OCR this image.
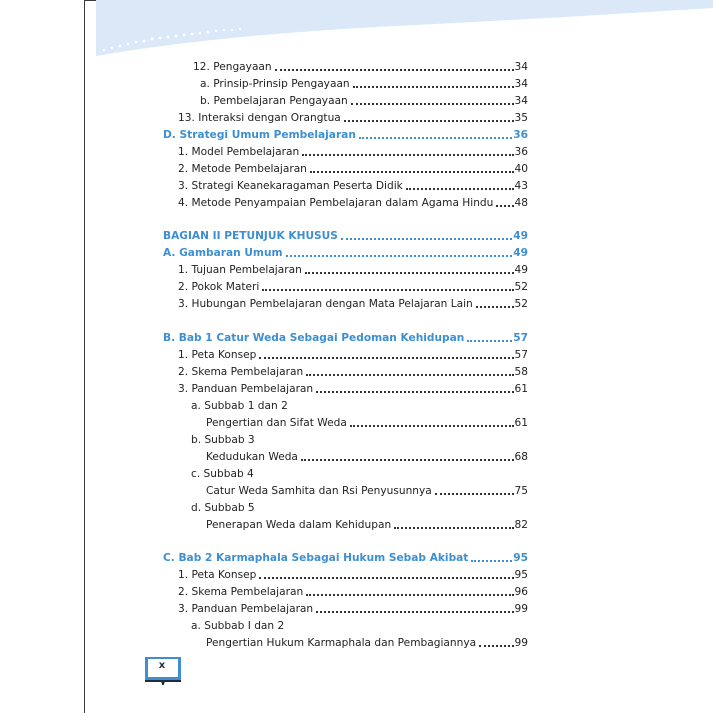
12. Pengayaan	34
a. Prinsip-Prinsip Pengayaan	34
b. Pembelajaran Pengayaan	34
13. Interaksi dengan Orangtua	35
D. Strategi Umum Pembelajaran	36
1. Model Pembelajaran	36
2. Metode Pembelajaran	40
3. Strategi Keanekaragaman Peserta Didik	43
4. Metode Penyampaian Pembelajaran dalam Agama Hindu 48
BAGIAN II PETUNJUK KHUSUS	49
A. Gambaran Umum	49
1. Tujuan Pembelajaran	49
2. Pokok Materi	52
3. Hubungan Pembelajaran dengan Mata Pelajaran Lain	52
B. Bab 1 Catur Weda Sebagai Pedoman Kehidupan	57
1. Peta Konsep	57
2. Skema Pembelajaran	58
3. Panduan Pembelajaran	61
a. Subbab 1 dan 2
Pengertian dan Sifat Weda	61
b. Subbab 3
Kedudukan Weda	68
c. Subbab 4
Catur Weda Samhita dan Rsi Penyusunnya	75
d. Subbab 5
Penerapan Weda dalam Kehidupan	82
C. Bab 2 Karmaphala Sebagai Hukum Sebab Akibat	95
1. Peta Konsep	95
2. Skema Pembelajaran	96
3. Panduan Pembelajaran	99
a. Subbab I dan 2
Pengertian Hukum Karmaphala dan Pembagiannya	99
x
